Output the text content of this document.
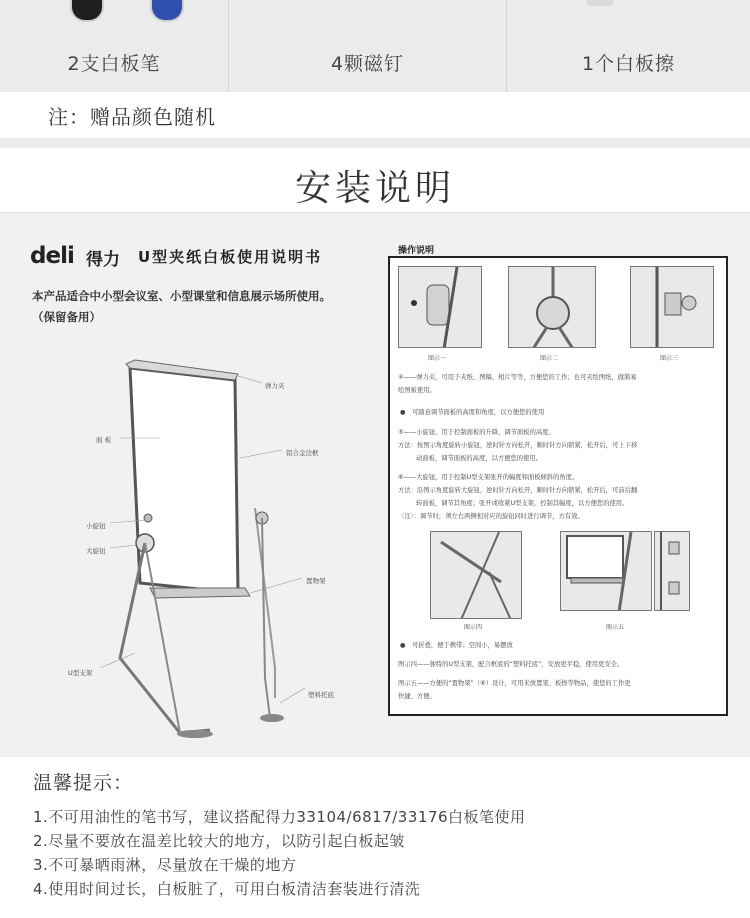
2支白板笔	4颗磁钉	1个白板擦
注：赠品颜色随机
安装说明
deli 得力 U型夹纸白板使用说明书
本产品适合中小型会议室、小型课堂和信息展示场所使用。
（保留备用）
弹力夹
面 板
铝合金边框
小旋钮
大旋钮
置物架
U型支架
塑料托底
操作说明
图示一	图示二	图示三
④——弹力夹，可用于夹纸、图稿、相片等等，方便您的工作；也可夹绘图纸，做简易
绘图板使用。
● 可随意调节面板的高度和角度，以方便您的使用
⑤——小旋钮，用于控制面板的升降，调节面板的高度。
方法：按图示角度旋转小旋钮，逆时针方向松开，顺时针方向锁紧，松开后，可上下移
动面板，调节面板的高度，以方便您的使用。
⑥——大旋钮，用于控制U型支架张开的幅度和面板倾斜的角度。
方法：沿图示角度旋转大旋钮，逆时针方向松开，顺时针方向锁紧，松开后，可前后翻
转面板，调节其角度；张开或收紧U型支架，控制其幅度，以方便您的使用。
〈注〉：调节时，须左右两侧相对应的旋钮同时进行调节，方有效。
图示四	图示五
● 可折叠，便于携带；空间小，易摆放
图示四——独特的U型支架，配合框底的“塑料托底”，安放更平稳，使用更安全。
图示五——方便的“置物架”（⑥）设计，可用来放置笔、板擦等物品，使您的工作更
快捷、方便。
温馨提示：
1.不可用油性的笔书写，建议搭配得力33104/6817/33176白板笔使用
2.尽量不要放在温差比较大的地方，以防引起白板起皱
3.不可暴晒雨淋，尽量放在干燥的地方
4.使用时间过长，白板脏了，可用白板清洁套装进行清洗
